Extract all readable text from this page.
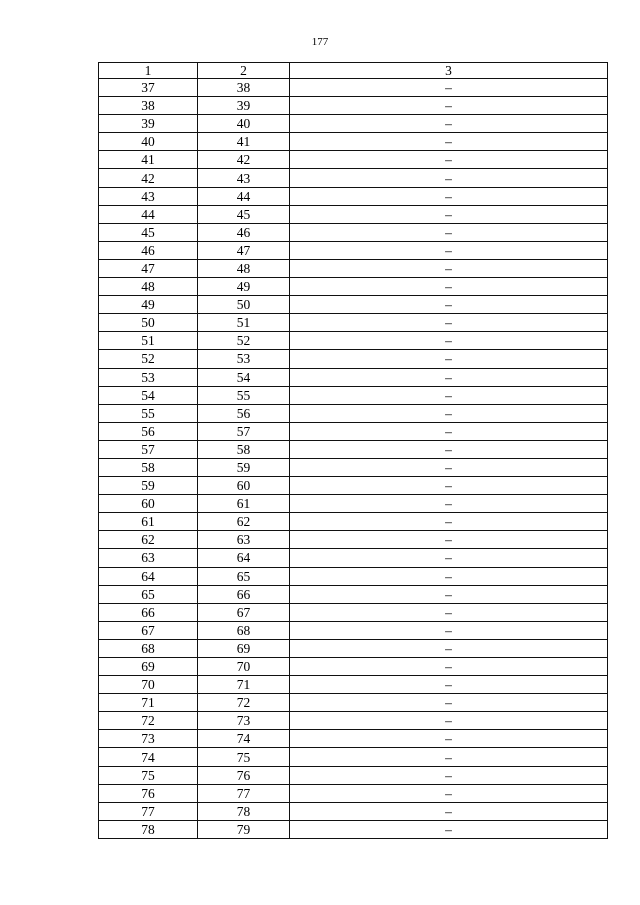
177
1	2	3
37	38	–
38	39	–
39	40	–
40	41	–
41	42	–
42	43	–
43	44	–
44	45	–
45	46	–
46	47	–
47	48	–
48	49	–
49	50	–
50	51	–
51	52	–
52	53	–
53	54	–
54	55	–
55	56	–
56	57	–
57	58	–
58	59	–
59	60	–
60	61	–
61	62	–
62	63	–
63	64	–
64	65	–
65	66	–
66	67	–
67	68	–
68	69	–
69	70	–
70	71	–
71	72	–
72	73	–
73	74	–
74	75	–
75	76	–
76	77	–
77	78	–
78	79	–
